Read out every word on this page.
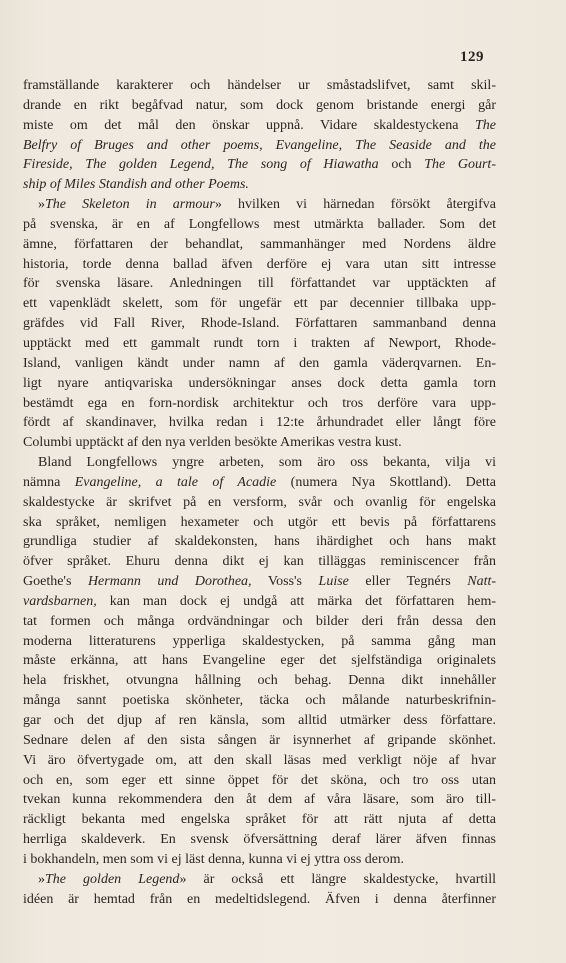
129
framställande karakterer och händelser ur småstadslifvet, samt skil-
drande en rikt begåfvad natur, som dock genom bristande energi går
miste om det mål den önskar uppnå. Vidare skaldestyckena The
Belfry of Bruges and other poems, Evangeline, The Seaside and the
Fireside, The golden Legend, The song of Hiawatha och The Gourt-
ship of Miles Standish and other Poems.
»The Skeleton in armour» hvilken vi härnedan försökt återgifva
på svenska, är en af Longfellows mest utmärkta ballader. Som det
ämne, författaren der behandlat, sammanhänger med Nordens äldre
historia, torde denna ballad äfven derföre ej vara utan sitt intresse
för svenska läsare. Anledningen till författandet var upptäckten af
ett vapenklädt skelett, som för ungefär ett par decennier tillbaka upp-
gräfdes vid Fall River, Rhode-Island. Författaren sammanband denna
upptäckt med ett gammalt rundt torn i trakten af Newport, Rhode-
Island, vanligen kändt under namn af den gamla väderqvarnen. En-
ligt nyare antiqvariska undersökningar anses dock detta gamla torn
bestämdt ega en forn-nordisk architektur och tros derföre vara upp-
fördt af skandinaver, hvilka redan i 12:te århundradet eller långt före
Columbi upptäckt af den nya verlden besökte Amerikas vestra kust.
Bland Longfellows yngre arbeten, som äro oss bekanta, vilja vi
nämna Evangeline, a tale of Acadie (numera Nya Skottland). Detta
skaldestycke är skrifvet på en versform, svår och ovanlig för engelska
ska språket, nemligen hexameter och utgör ett bevis på författarens
grundliga studier af skaldekonsten, hans ihärdighet och hans makt
öfver språket. Ehuru denna dikt ej kan tilläggas reminiscencer från
Goethe's Hermann und Dorothea, Voss's Luise eller Tegnérs Natt-
vardsbarnen, kan man dock ej undgå att märka det författaren hem-
tat formen och många ordvändningar och bilder deri från dessa den
moderna litteraturens ypperliga skaldestycken, på samma gång man
måste erkänna, att hans Evangeline eger det sjelfständiga originalets
hela friskhet, otvungna hållning och behag. Denna dikt innehåller
många sannt poetiska skönheter, täcka och målande naturbeskrifnin-
gar och det djup af ren känsla, som alltid utmärker dess författare.
Sednare delen af den sista sången är isynnerhet af gripande skönhet.
Vi äro öfvertygade om, att den skall läsas med verkligt nöje af hvar
och en, som eger ett sinne öppet för det sköna, och tro oss utan
tvekan kunna rekommendera den åt dem af våra läsare, som äro till-
räckligt bekanta med engelska språket för att rätt njuta af detta
herrliga skaldeverk. En svensk öfversättning deraf lärer äfven finnas
i bokhandeln, men som vi ej läst denna, kunna vi ej yttra oss derom.
»The golden Legend» är också ett längre skaldestycke, hvartill
idéen är hemtad från en medeltidslegend. Äfven i denna återfinner
